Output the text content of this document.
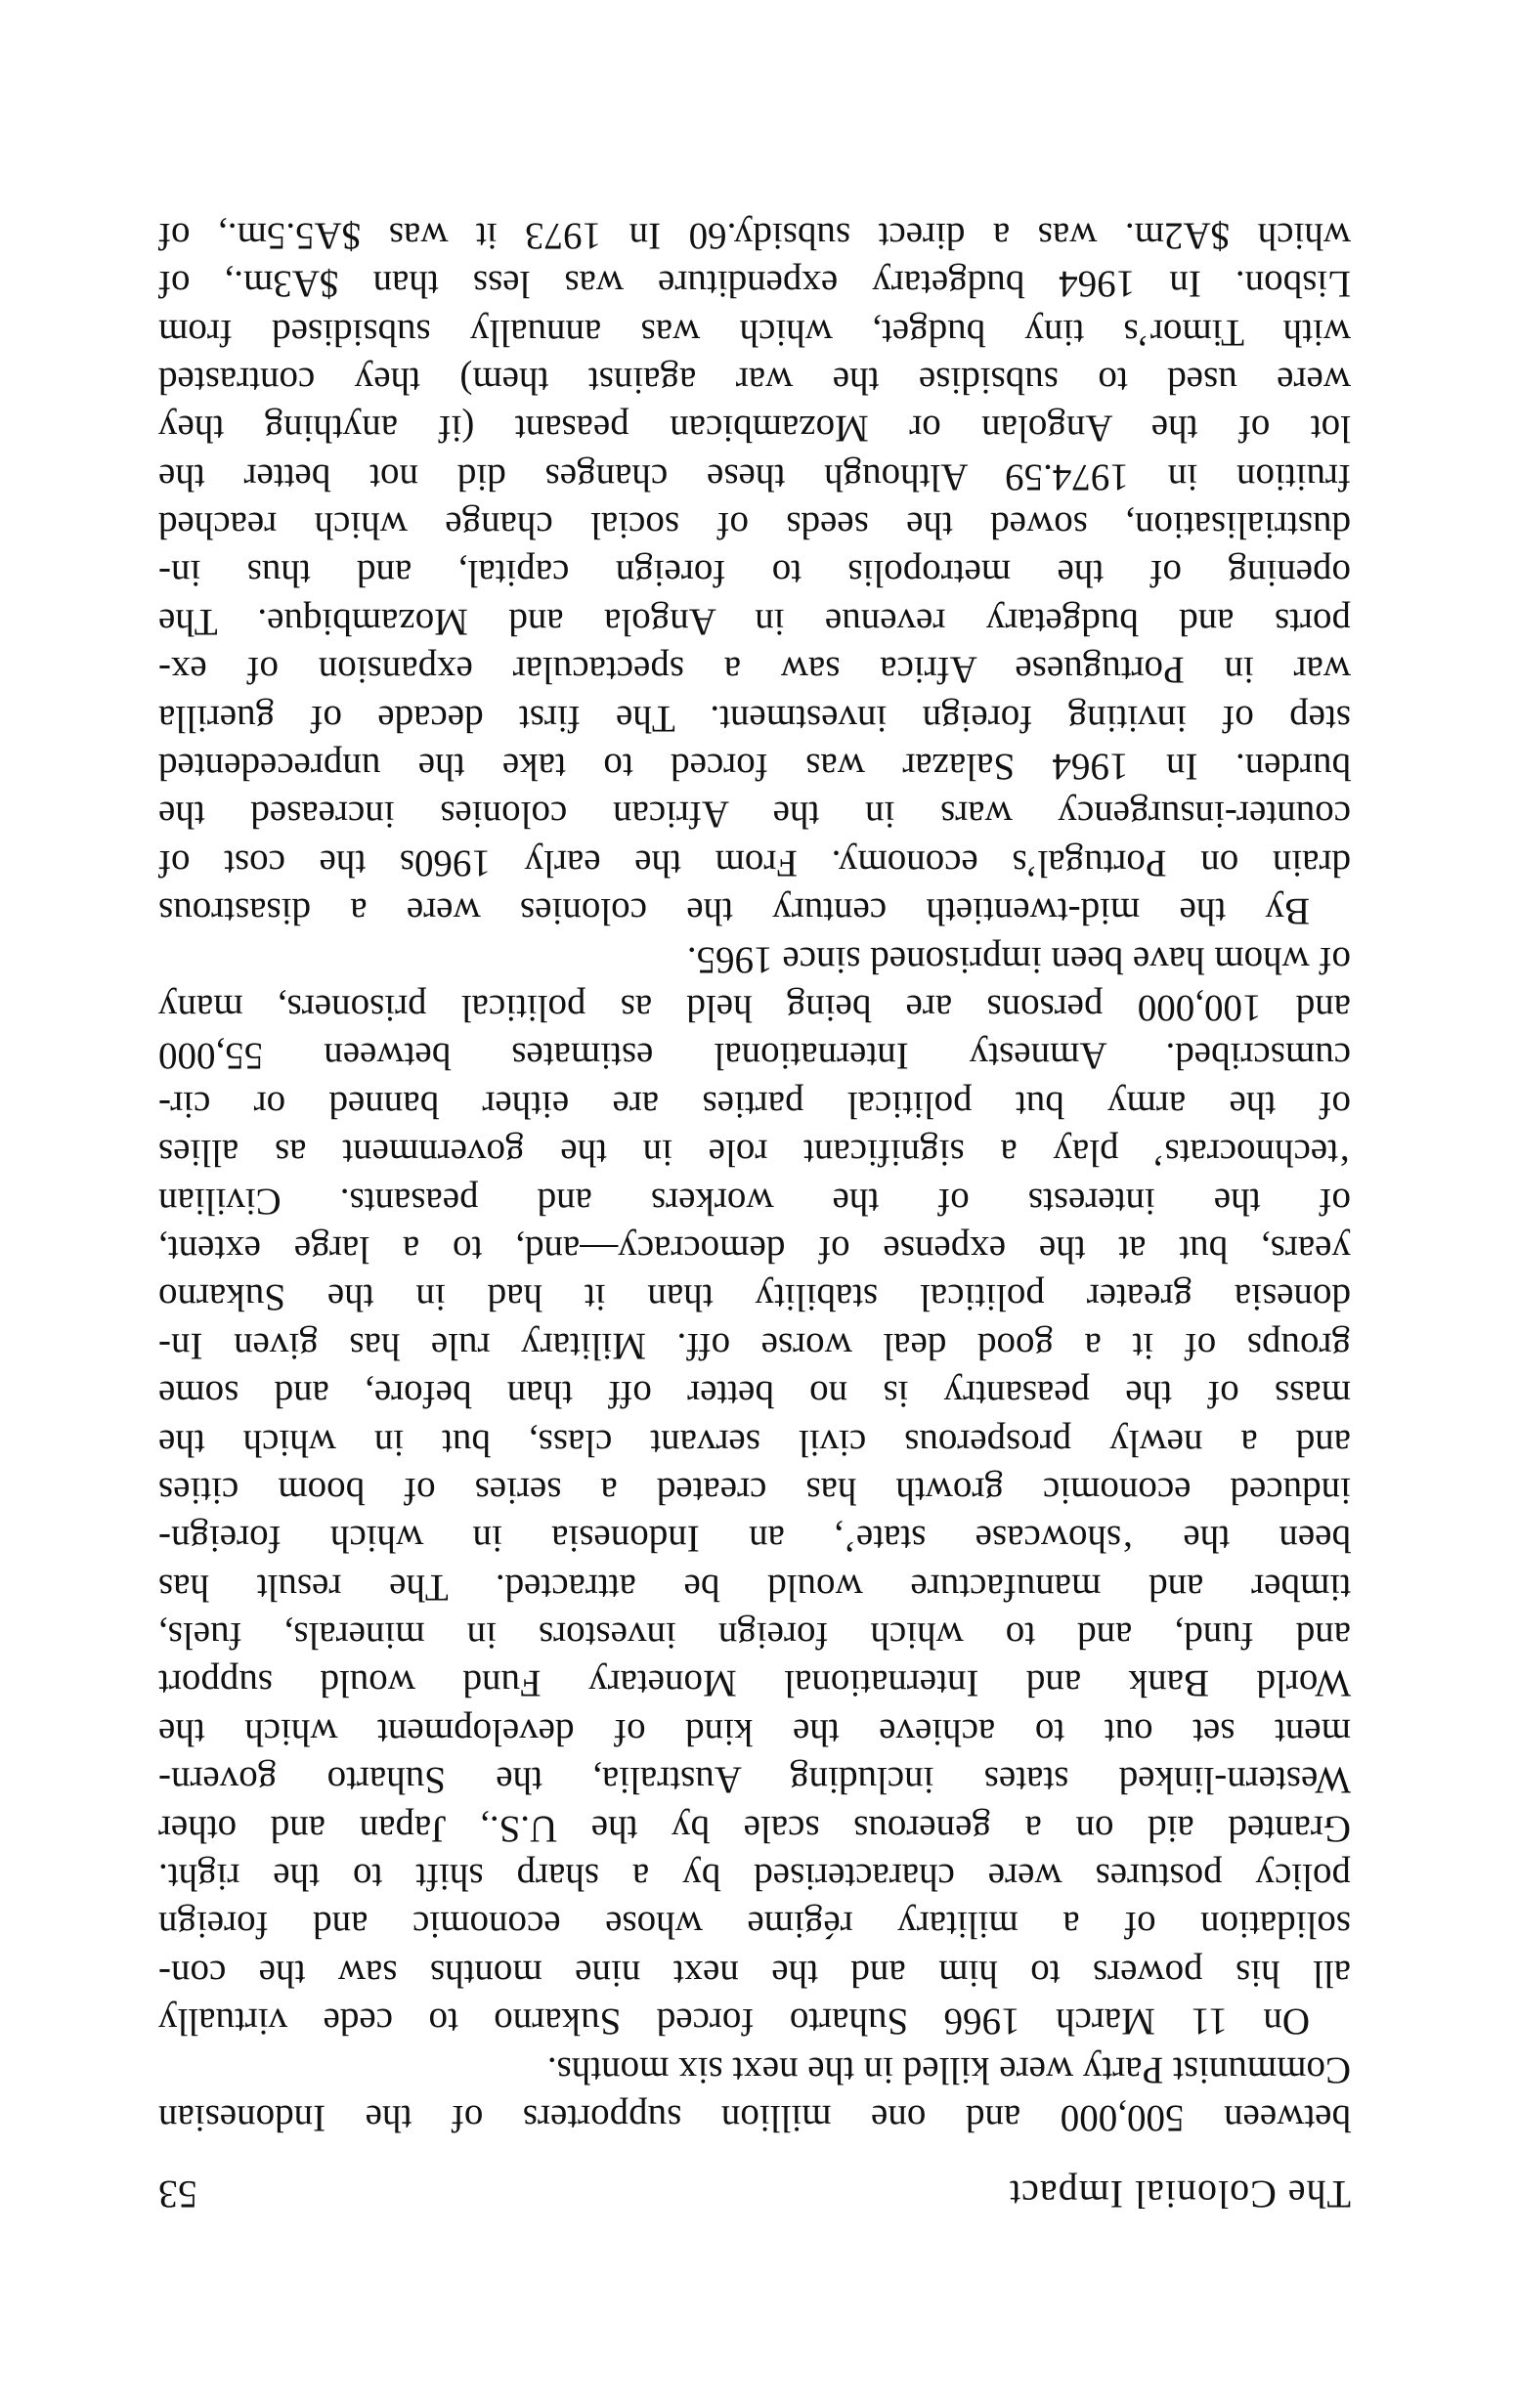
The Colonial Impact
53
between 500,000 and one million supporters of the Indonesian
Communist Party were killed in the next six months.
On 11 March 1966 Suharto forced Sukarno to cede virtually
all his powers to him and the next nine months saw the con-
solidation of a military régime whose economic and foreign
policy postures were characterised by a sharp shift to the right.
Granted aid on a generous scale by the U.S., Japan and other
Western-linked states including Australia, the Suharto govern-
ment set out to achieve the kind of development which the
World Bank and International Monetary Fund would support
and fund, and to which foreign investors in minerals, fuels,
timber and manufacture would be attracted. The result has
been the ‘showcase state’, an Indonesia in which foreign-
induced economic growth has created a series of boom cities
and a newly prosperous civil servant class, but in which the
mass of the peasantry is no better off than before, and some
groups of it a good deal worse off. Military rule has given In-
donesia greater political stability than it had in the Sukarno
years, but at the expense of democracy—and, to a large extent,
of the interests of the workers and peasants. Civilian
‘technocrats’ play a significant role in the government as allies
of the army but political parties are either banned or cir-
cumscribed. Amnesty International estimates between 55,000
and 100,000 persons are being held as political prisoners, many
of whom have been imprisoned since 1965.
By the mid-twentieth century the colonies were a disastrous
drain on Portugal’s economy. From the early 1960s the cost of
counter-insurgency wars in the African colonies increased the
burden. In 1964 Salazar was forced to take the unprecedented
step of inviting foreign investment. The first decade of guerilla
war in Portuguese Africa saw a spectacular expansion of ex-
ports and budgetary revenue in Angola and Mozambique. The
opening of the metropolis to foreign capital, and thus in-
dustrialisation, sowed the seeds of social change which reached
fruition in 1974.59 Although these changes did not better the
lot of the Angolan or Mozambican peasant (if anything they
were used to subsidise the war against them) they contrasted
with Timor’s tiny budget, which was annually subsidised from
Lisbon. In 1964 budgetary expenditure was less than $A3m., of
which $A2m. was a direct subsidy.60 In 1973 it was $A5.5m., of
